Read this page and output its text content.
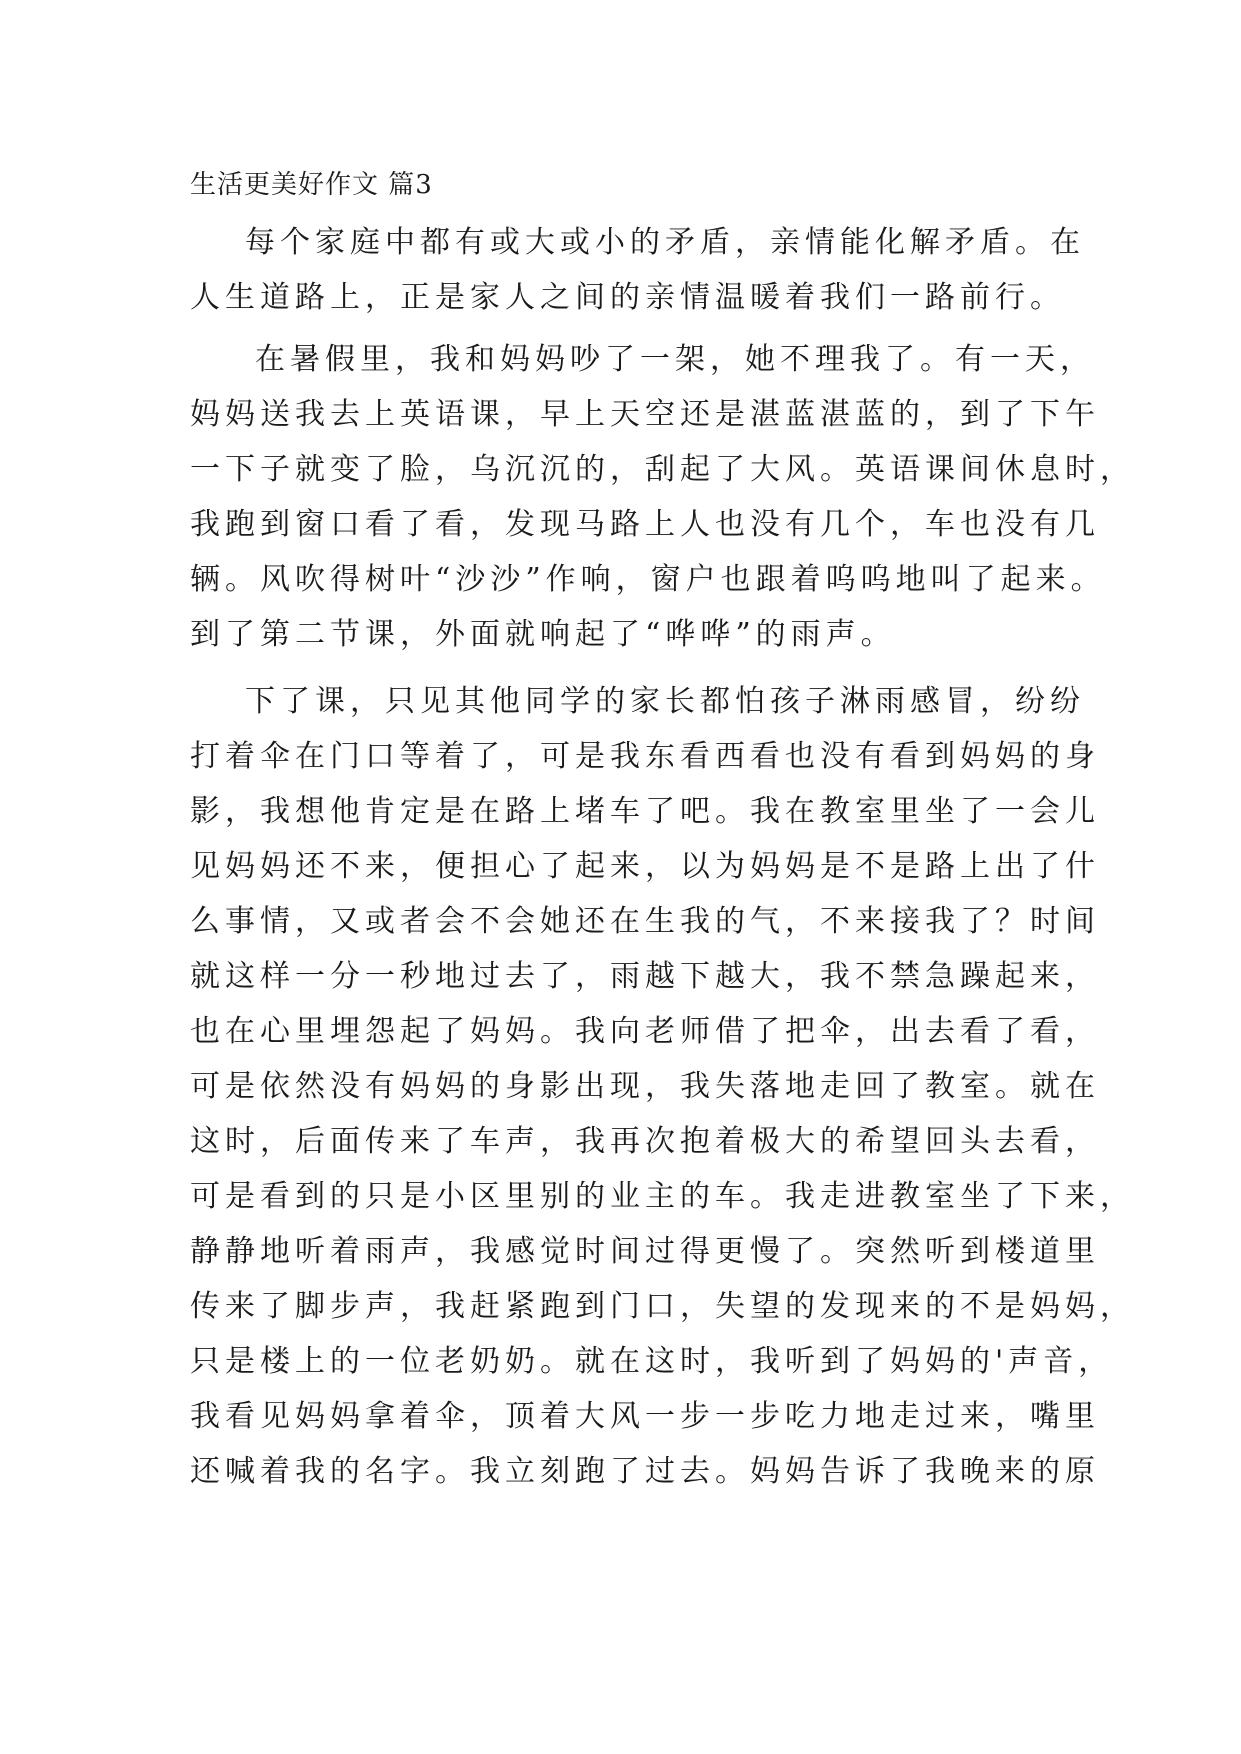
生活更美好作文 篇3
每个家庭中都有或大或小的矛盾，亲情能化解矛盾。在
人生道路上，正是家人之间的亲情温暖着我们一路前行。
在暑假里，我和妈妈吵了一架，她不理我了。有一天，
妈妈送我去上英语课，早上天空还是湛蓝湛蓝的，到了下午
一下子就变了脸，乌沉沉的，刮起了大风。英语课间休息时，
我跑到窗口看了看，发现马路上人也没有几个，车也没有几
辆。风吹得树叶“沙沙”作响，窗户也跟着呜呜地叫了起来。
到了第二节课，外面就响起了“哗哗”的雨声。
下了课，只见其他同学的家长都怕孩子淋雨感冒，纷纷
打着伞在门口等着了，可是我东看西看也没有看到妈妈的身
影，我想他肯定是在路上堵车了吧。我在教室里坐了一会儿
见妈妈还不来，便担心了起来，以为妈妈是不是路上出了什
么事情，又或者会不会她还在生我的气，不来接我了？时间
就这样一分一秒地过去了，雨越下越大，我不禁急躁起来，
也在心里埋怨起了妈妈。我向老师借了把伞，出去看了看，
可是依然没有妈妈的身影出现，我失落地走回了教室。就在
这时，后面传来了车声，我再次抱着极大的希望回头去看，
可是看到的只是小区里别的业主的车。我走进教室坐了下来，
静静地听着雨声，我感觉时间过得更慢了。突然听到楼道里
传来了脚步声，我赶紧跑到门口，失望的发现来的不是妈妈，
只是楼上的一位老奶奶。就在这时，我听到了妈妈的'声音，
我看见妈妈拿着伞，顶着大风一步一步吃力地走过来，嘴里
还喊着我的名字。我立刻跑了过去。妈妈告诉了我晚来的原
